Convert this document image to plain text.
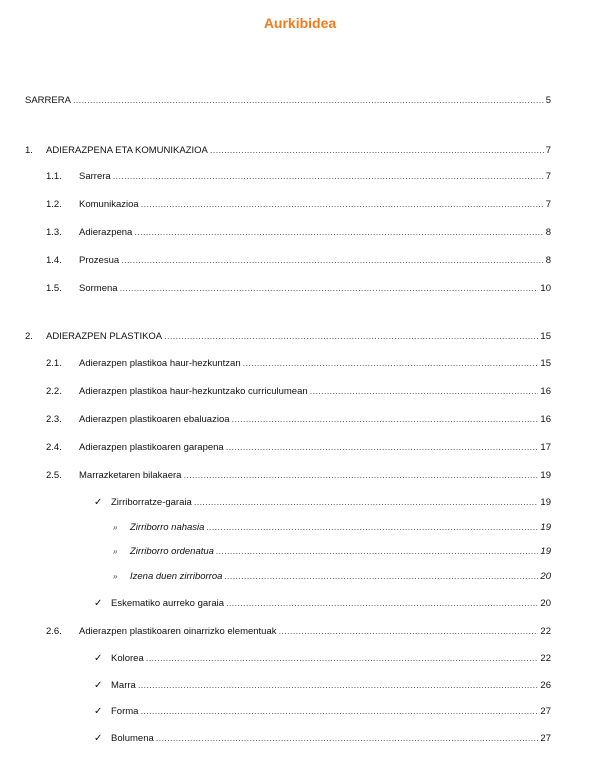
Aurkibidea
SARRERA .....	5
1. ADIERAZPENA ETA KOMUNIKAZIOA .....	7
1.1. Sarrera .....	7
1.2. Komunikazioa .....	7
1.3. Adierazpena .....	8
1.4. Prozesua .....	8
1.5. Sormena .....	10
2. ADIERAZPEN PLASTIKOA .....	15
2.1. Adierazpen plastikoa haur-hezkuntzan .....	15
2.2. Adierazpen plastikoa haur-hezkuntzako curriculumean .....	16
2.3. Adierazpen plastikoaren ebaluazioa .....	16
2.4. Adierazpen plastikoaren garapena .....	17
2.5. Marrazketaren bilakaera .....	19
✓ Zirriborratze-garaia .....	19
» Zirriborro nahasia .....	19
» Zirriborro ordenatua .....	19
» Izena duen zirriborroa .....	20
✓ Eskematiko aurreko garaia .....	20
2.6. Adierazpen plastikoaren oinarrizko elementuak .....	22
✓ Kolorea .....	22
✓ Marra .....	26
✓ Forma .....	27
✓ Bolumena .....	27
